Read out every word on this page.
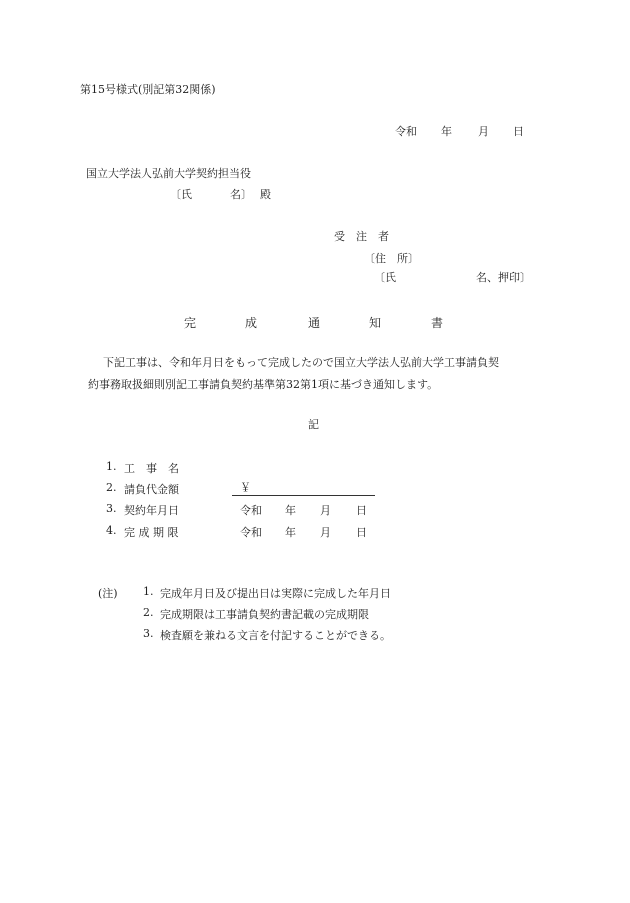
第15号様式(別記第32関係)
令和 年 月 日
国立大学法人弘前大学契約担当役
〔氏	名〕 殿
受　注　者
〔住　所〕
〔氏	名、押印〕
完	成	通	知	書
下記工事は、令和年月日をもって完成したので国立大学法人弘前大学工事請負契
約事務取扱細則別記工事請負契約基準第32第1項に基づき通知します。
記
1. 工　事　名
2. 請負代金額	￥
3. 契約年月日	令和 年 月 日
4. 完 成 期 限	令和 年 月 日
(注) 1. 完成年月日及び提出日は実際に完成した年月日
2. 完成期限は工事請負契約書記載の完成期限
3. 検査願を兼ねる文言を付記することができる。
